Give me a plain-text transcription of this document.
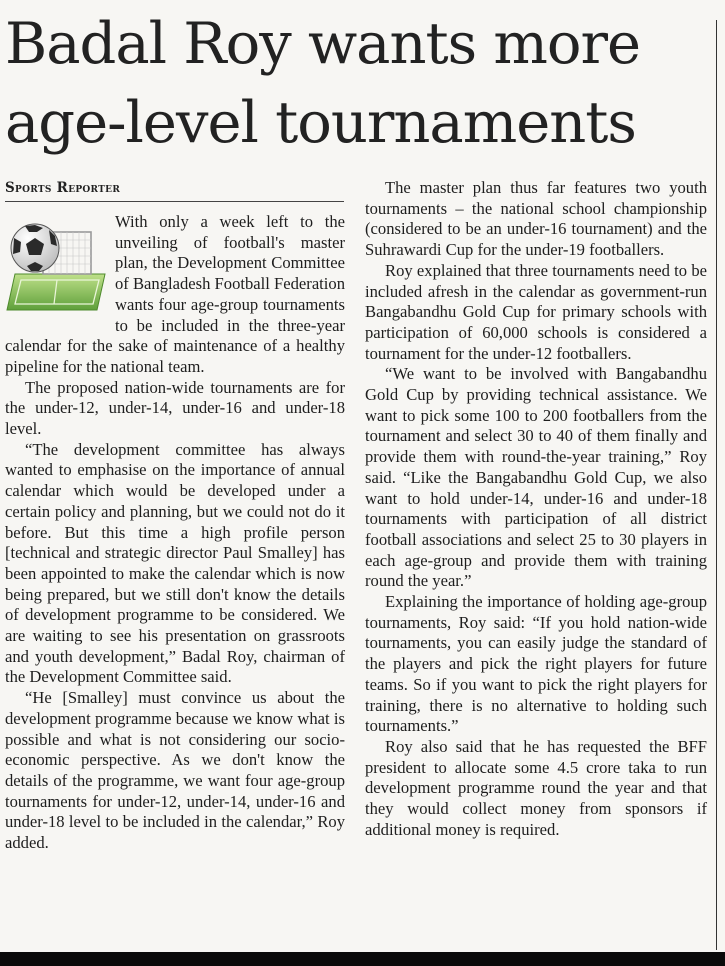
Badal Roy wants more age-level tournaments
Sports Reporter

With only a week left to the unveiling of football's master plan, the Development Committee of Bangladesh Football Federation wants four age-group tournaments to be included in the three-year calendar for the sake of maintenance of a healthy pipeline for the national team.

The proposed nation-wide tournaments are for the under-12, under-14, under-16 and under-18 level.

“The development committee has always wanted to emphasise on the importance of annual calendar which would be developed under a certain policy and planning, but we could not do it before. But this time a high profile person [technical and strategic director Paul Smalley] has been appointed to make the calendar which is now being prepared, but we still don't know the details of development programme to be considered. We are waiting to see his presentation on grassroots and youth development,” Badal Roy, chairman of the Development Committee said.

“He [Smalley] must convince us about the development programme because we know what is possible and what is not considering our socio-economic perspective. As we don't know the details of the programme, we want four age-group tournaments for under-12, under-14, under-16 and under-18 level to be included in the calendar,” Roy added.

The master plan thus far features two youth tournaments – the national school championship (considered to be an under-16 tournament) and the Suhrawardi Cup for the under-19 footballers.

Roy explained that three tournaments need to be included afresh in the calendar as government-run Bangabandhu Gold Cup for primary schools with participation of 60,000 schools is considered a tournament for the under-12 footballers.

“We want to be involved with Bangabandhu Gold Cup by providing technical assistance. We want to pick some 100 to 200 footballers from the tournament and select 30 to 40 of them finally and provide them with round-the-year training,” Roy said. “Like the Bangabandhu Gold Cup, we also want to hold under-14, under-16 and under-18 tournaments with participation of all district football associations and select 25 to 30 players in each age-group and provide them with training round the year.”

Explaining the importance of holding age-group tournaments, Roy said: “If you hold nation-wide tournaments, you can easily judge the standard of the players and pick the right players for future teams. So if you want to pick the right players for training, there is no alternative to holding such tournaments.”

Roy also said that he has requested the BFF president to allocate some 4.5 crore taka to run development programme round the year and that they would collect money from sponsors if additional money is required.
